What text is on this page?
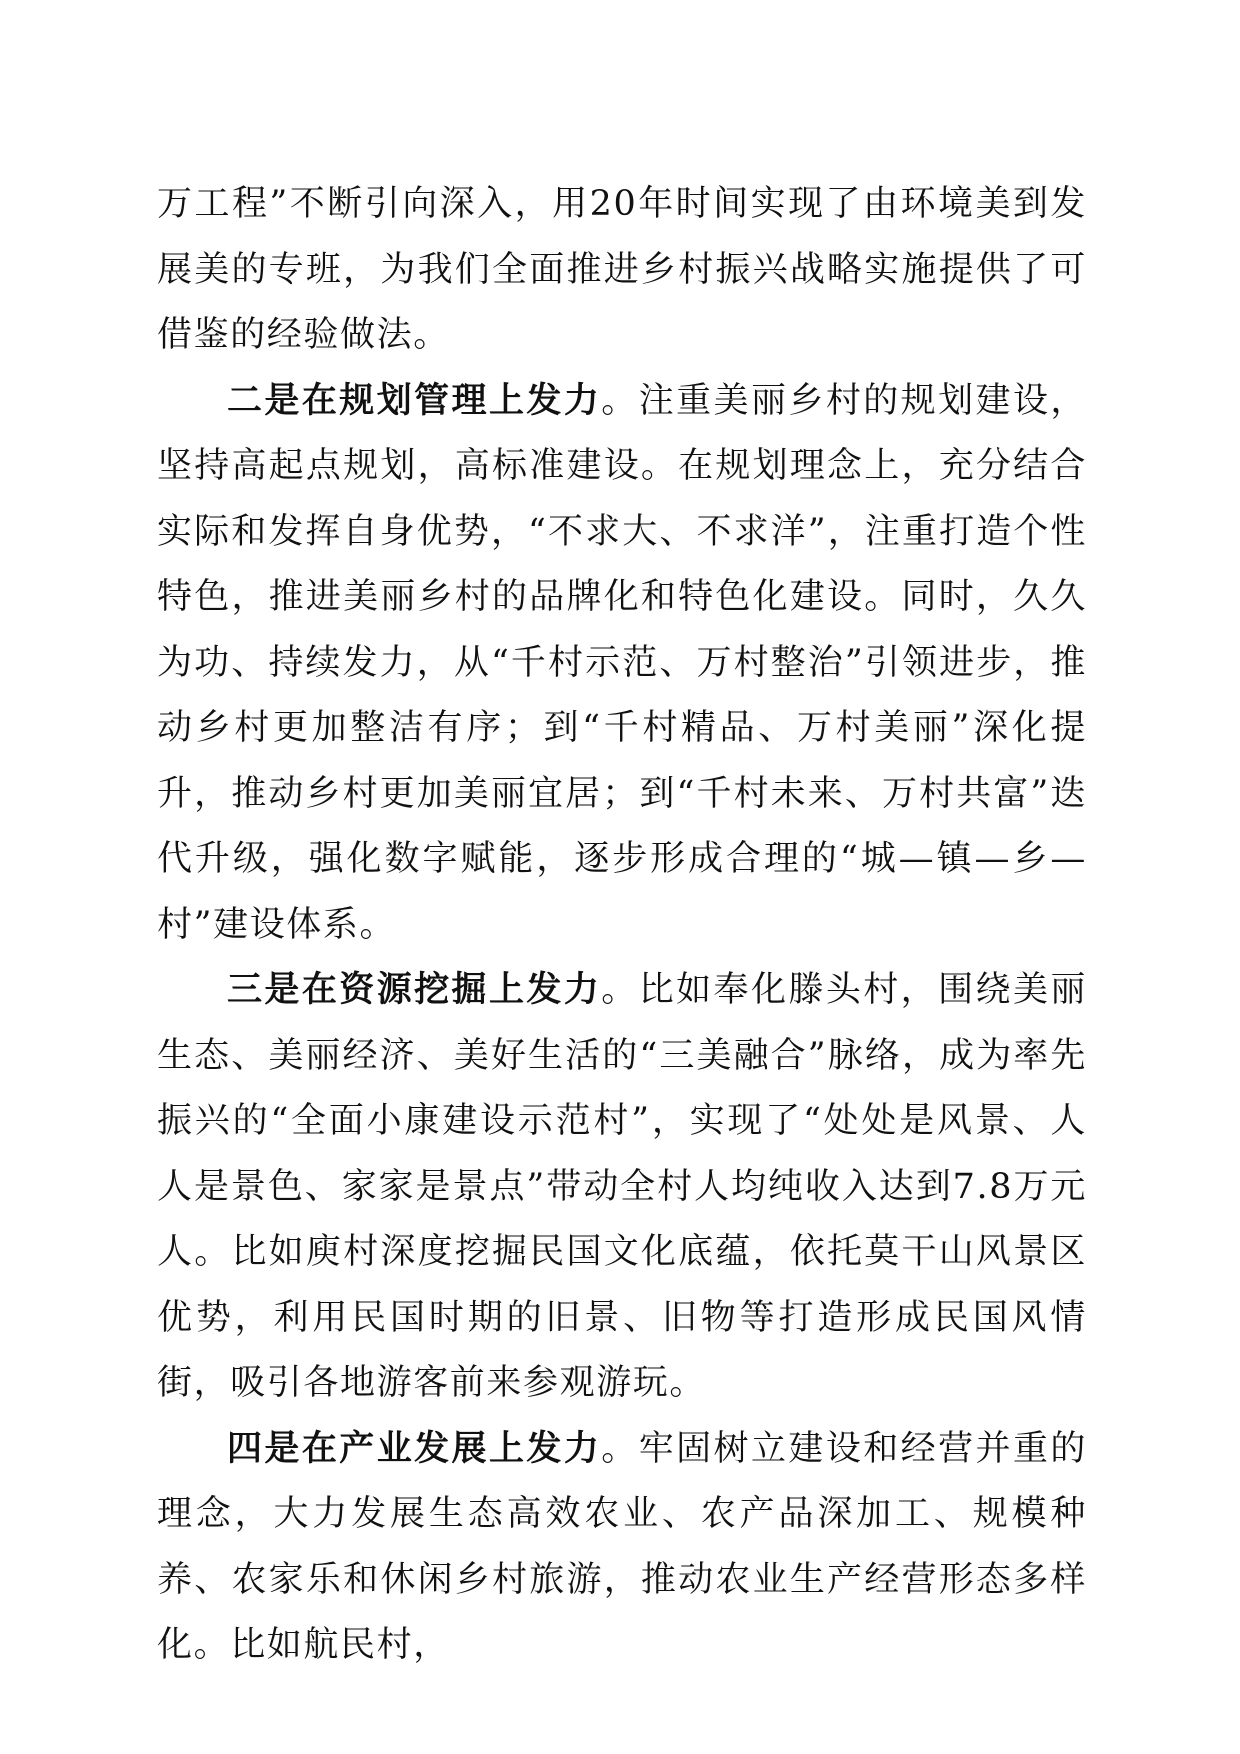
万工程”不断引向深入，用20年时间实现了由环境美到发展美的专班，为我们全面推进乡村振兴战略实施提供了可借鉴的经验做法。

二是在规划管理上发力。注重美丽乡村的规划建设，坚持高起点规划，高标准建设。在规划理念上，充分结合实际和发挥自身优势，“不求大、不求洋”，注重打造个性特色，推进美丽乡村的品牌化和特色化建设。同时，久久为功、持续发力，从“千村示范、万村整治”引领进步，推动乡村更加整洁有序；到“千村精品、万村美丽”深化提升，推动乡村更加美丽宜居；到“千村未来、万村共富”迭代升级，强化数字赋能，逐步形成合理的“城—镇—乡—村”建设体系。

三是在资源挖掘上发力。比如奉化滕头村，围绕美丽生态、美丽经济、美好生活的“三美融合”脉络，成为率先振兴的“全面小康建设示范村”，实现了“处处是风景、人人是景色、家家是景点”带动全村人均纯收入达到7.8万元人。比如庾村深度挖掘民国文化底蕴，依托莫干山风景区优势，利用民国时期的旧景、旧物等打造形成民国风情街，吸引各地游客前来参观游玩。

四是在产业发展上发力。牢固树立建设和经营并重的理念，大力发展生态高效农业、农产品深加工、规模种养、农家乐和休闲乡村旅游，推动农业生产经营形态多样化。比如航民村，
